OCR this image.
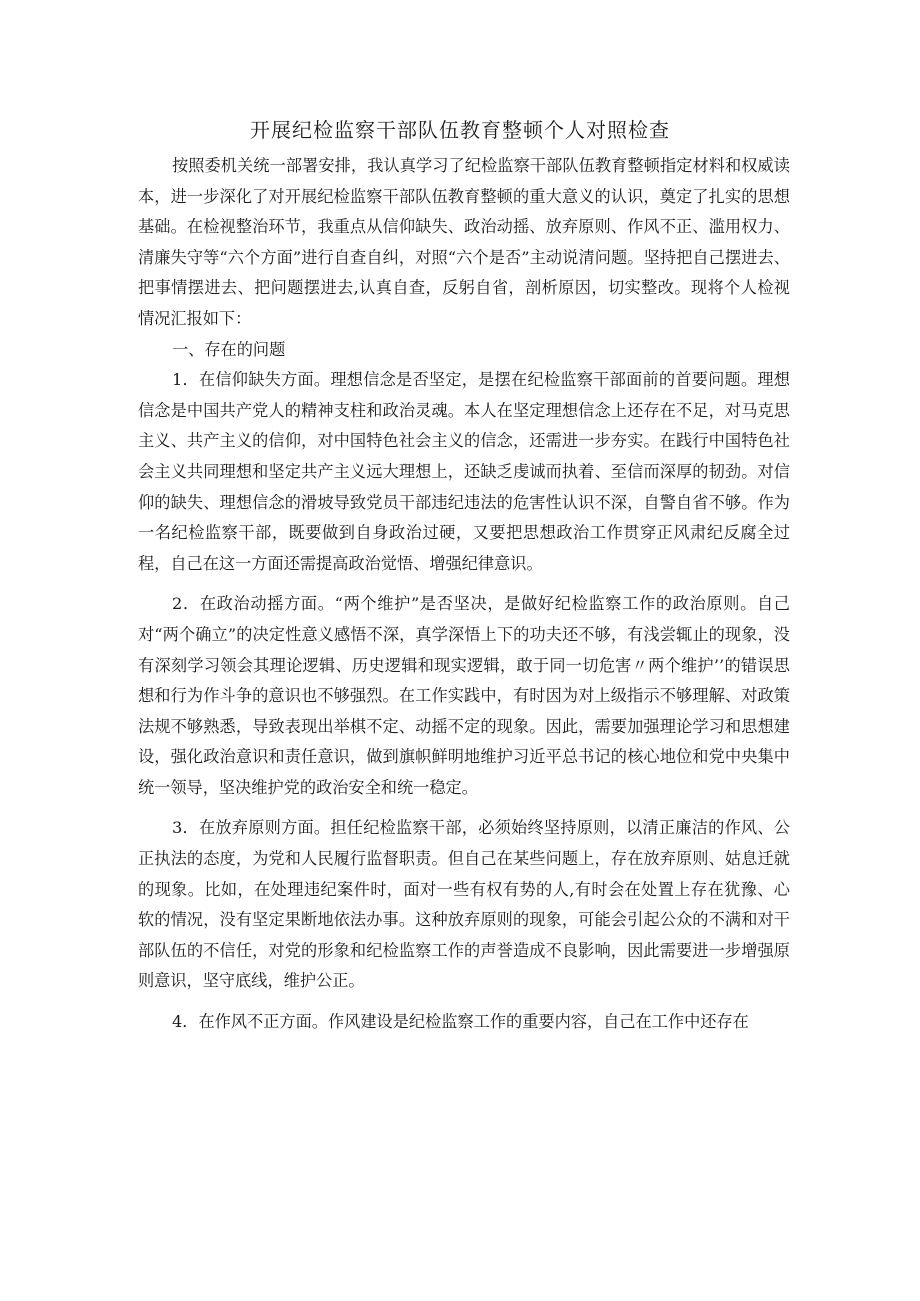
开展纪检监察干部队伍教育整顿个人对照检查

按照委机关统一部署安排，我认真学习了纪检监察干部队伍教育整顿指定材料和权威读本，进一步深化了对开展纪检监察干部队伍教育整顿的重大意义的认识，奠定了扎实的思想基础。在检视整治环节，我重点从信仰缺失、政治动摇、放弃原则、作风不正、滥用权力、清廉失守等“六个方面”进行自查自纠，对照“六个是否”主动说清问题。坚持把自己摆进去、把事情摆进去、把问题摆进去,认真自查，反躬自省，剖析原因，切实整改。现将个人检视情况汇报如下：

一、存在的问题

1．在信仰缺失方面。理想信念是否坚定，是摆在纪检监察干部面前的首要问题。理想信念是中国共产党人的精神支柱和政治灵魂。本人在坚定理想信念上还存在不足，对马克思主义、共产主义的信仰，对中国特色社会主义的信念，还需进一步夯实。在践行中国特色社会主义共同理想和坚定共产主义远大理想上，还缺乏虔诚而执着、至信而深厚的韧劲。对信仰的缺失、理想信念的滑坡导致党员干部违纪违法的危害性认识不深，自警自省不够。作为一名纪检监察干部，既要做到自身政治过硬，又要把思想政治工作贯穿正风肃纪反腐全过程，自己在这一方面还需提高政治觉悟、增强纪律意识。

2．在政治动摇方面。“两个维护”是否坚决，是做好纪检监察工作的政治原则。自己对“两个确立”的决定性意义感悟不深，真学深悟上下的功夫还不够，有浅尝辄止的现象，没有深刻学习领会其理论逻辑、历史逻辑和现实逻辑，敢于同一切危害〃两个维护’’的错误思想和行为作斗争的意识也不够强烈。在工作实践中，有时因为对上级指示不够理解、对政策法规不够熟悉，导致表现出举棋不定、动摇不定的现象。因此，需要加强理论学习和思想建设，强化政治意识和责任意识，做到旗帜鲜明地维护习近平总书记的核心地位和党中央集中统一领导，坚决维护党的政治安全和统一稳定。

3．在放弃原则方面。担任纪检监察干部，必须始终坚持原则，以清正廉洁的作风、公正执法的态度，为党和人民履行监督职责。但自己在某些问题上，存在放弃原则、姑息迁就的现象。比如，在处理违纪案件时，面对一些有权有势的人,有时会在处置上存在犹豫、心软的情况，没有坚定果断地依法办事。这种放弃原则的现象，可能会引起公众的不满和对干部队伍的不信任，对党的形象和纪检监察工作的声誉造成不良影响，因此需要进一步增强原则意识，坚守底线，维护公正。

4．在作风不正方面。作风建设是纪检监察工作的重要内容，自己在工作中还存在
